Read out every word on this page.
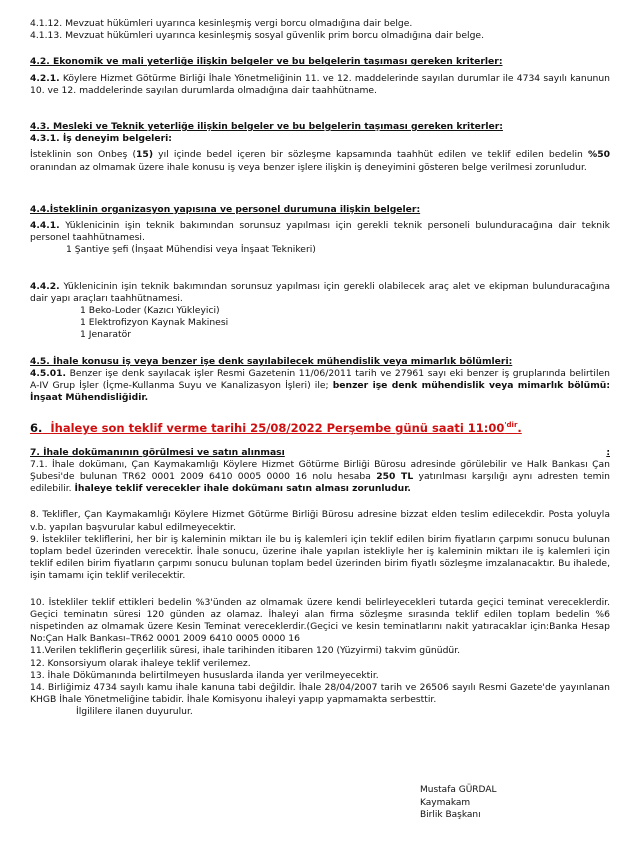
4.1.12. Mevzuat hükümleri uyarınca kesinleşmiş vergi borcu olmadığına dair belge.

4.1.13. Mevzuat hükümleri uyarınca kesinleşmiş sosyal güvenlik prim borcu olmadığına dair belge.

4.2. Ekonomik ve mali yeterliğe ilişkin belgeler ve bu belgelerin taşıması gereken kriterler:

4.2.1. Köylere Hizmet Götürme Birliği İhale Yönetmeliğinin 11. ve 12. maddelerinde sayılan durumlar ile 4734 sayılı kanunun 10. ve 12. maddelerinde sayılan durumlarda olmadığına dair taahhütname.

4.3. Mesleki ve Teknik yeterliğe ilişkin belgeler ve bu belgelerin taşıması gereken kriterler:

4.3.1. İş deneyim belgeleri:

İsteklinin son Onbeş (15) yıl içinde bedel içeren bir sözleşme kapsamında taahhüt edilen ve teklif edilen bedelin %50 oranından az olmamak üzere ihale konusu iş veya benzer işlere ilişkin iş deneyimini gösteren belge verilmesi zorunludur.

4.4.İsteklinin organizasyon yapısına ve personel durumuna ilişkin belgeler:

4.4.1. Yüklenicinin işin teknik bakımından sorunsuz yapılması için gerekli teknik personeli bulunduracağına dair teknik personel taahhütnamesi.

1 Şantiye şefi (İnşaat Mühendisi veya İnşaat Teknikeri)

4.4.2. Yüklenicinin işin teknik bakımından sorunsuz yapılması için gerekli olabilecek araç alet ve ekipman bulunduracağına dair yapı araçları taahhütnamesi.

1 Beko-Loder (Kazıcı Yükleyici)

1 Elektrofizyon Kaynak Makinesi

1 Jenaratör

4.5. İhale konusu iş veya benzer işe denk sayılabilecek mühendislik veya mimarlık bölümleri:

4.5.01. Benzer işe denk sayılacak işler Resmi Gazetenin 11/06/2011 tarih ve 27961 sayı eki benzer iş gruplarında belirtilen A-IV Grup İşler (İçme-Kullanma Suyu ve Kanalizasyon İşleri) ile; benzer işe denk mühendislik veya mimarlık bölümü: İnşaat Mühendisliğidir.

6. İhaleye son teklif verme tarihi 25/08/2022 Perşembe günü saati $11:00^{'dir}$.

7. İhale dokümanının görülmesi ve satın alınması	:

7.1. İhale dokümanı, Çan Kaymakamlığı Köylere Hizmet Götürme Birliği Bürosu adresinde görülebilir ve Halk Bankası Çan Şubesi'de bulunan TR62 0001 2009 6410 0005 0000 16 nolu hesaba 250 TL yatırılması karşılığı aynı adresten temin edilebilir. İhaleye teklif verecekler ihale dokümanı satın alması zorunludur.

8. Teklifler, Çan Kaymakamlığı Köylere Hizmet Götürme Birliği Bürosu adresine bizzat elden teslim edilecekdir. Posta yoluyla v.b. yapılan başvurular kabul edilmeyecektir.

9. İstekliler tekliflerini, her bir iş kaleminin miktarı ile bu iş kalemleri için teklif edilen birim fiyatların çarpımı sonucu bulunan toplam bedel üzerinden verecektir. İhale sonucu, üzerine ihale yapılan istekliyle her iş kaleminin miktarı ile iş kalemleri için teklif edilen birim fiyatların çarpımı sonucu bulunan toplam bedel üzerinden birim fiyatlı sözleşme imzalanacaktır. Bu ihalede, işin tamamı için teklif verilecektir.

10. İstekliler teklif ettikleri bedelin %3'ünden az olmamak üzere kendi belirleyecekleri tutarda geçici teminat vereceklerdir. Geçici teminatın süresi 120 günden az olamaz. İhaleyi alan firma sözleşme sırasında teklif edilen toplam bedelin %6 nispetinden az olmamak üzere Kesin Teminat vereceklerdir.(Geçici ve kesin teminatlarını nakit yatıracaklar için:Banka Hesap No:Çan Halk Bankası–TR62 0001 2009 6410 0005 0000 16

11.Verilen tekliflerin geçerlilik süresi, ihale tarihinden itibaren 120 (Yüzyirmi) takvim günüdür.

12. Konsorsiyum olarak ihaleye teklif verilemez.

13. İhale Dökümanında belirtilmeyen hususlarda ilanda yer verilmeyecektir.

14. Birliğimiz 4734 sayılı kamu ihale kanuna tabi değildir. İhale 28/04/2007 tarih ve 26506 sayılı Resmi Gazete'de yayınlanan KHGB İhale Yönetmeliğine tabidir. İhale Komisyonu ihaleyi yapıp yapmamakta serbesttir.

İlgililere ilanen duyurulur.

Mustafa GÜRDAL
Kaymakam
Birlik Başkanı
